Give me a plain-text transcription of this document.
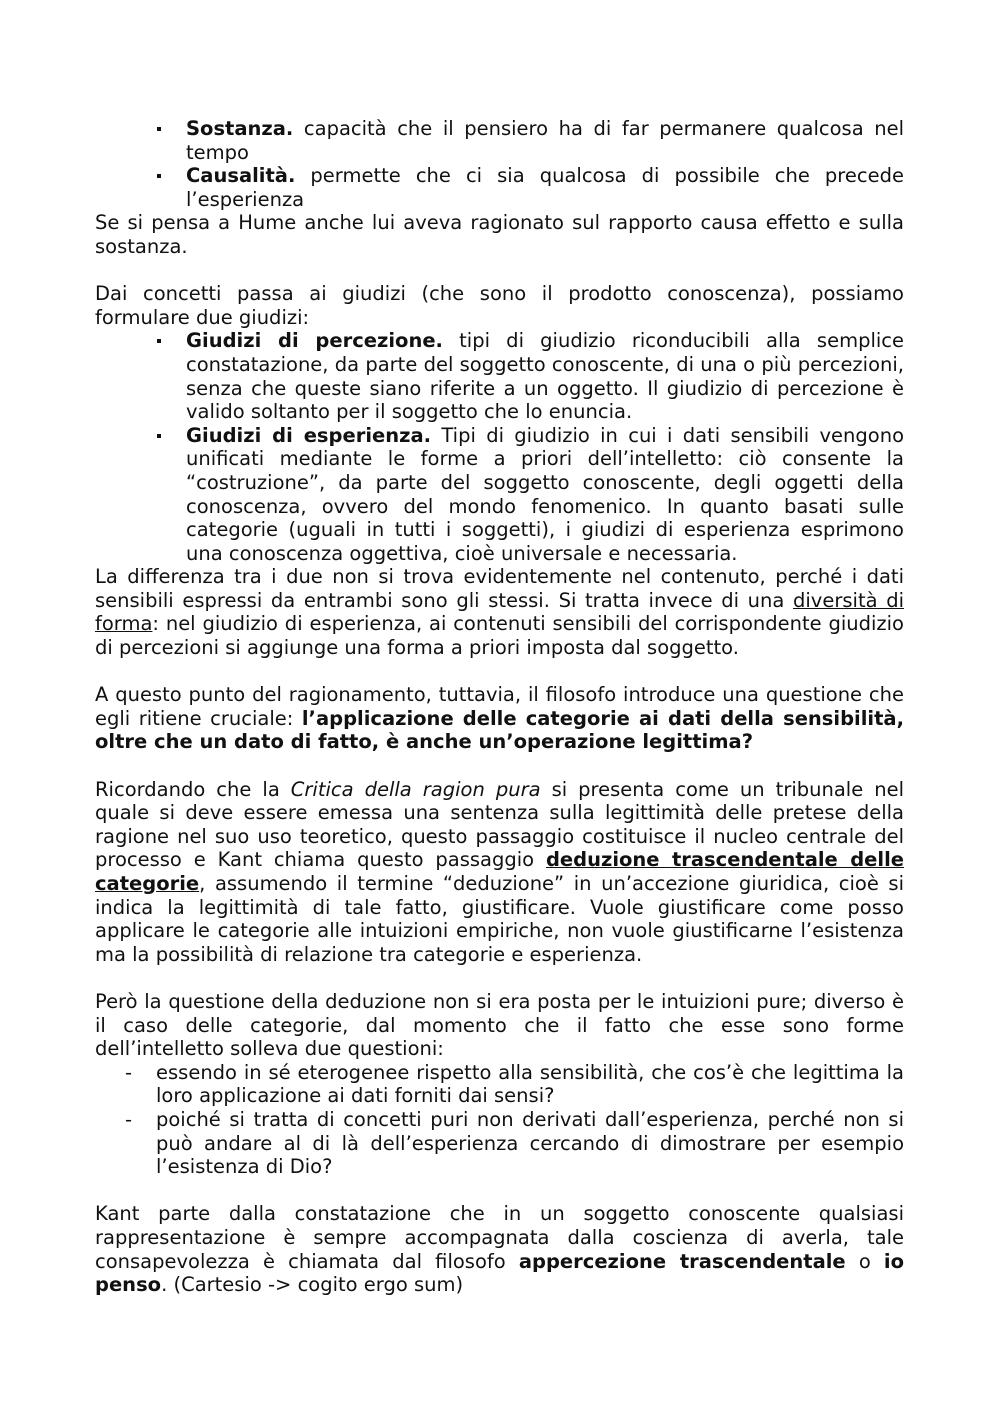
Sostanza. capacità che il pensiero ha di far permanere qualcosa nel tempo
Causalità. permette che ci sia qualcosa di possibile che precede l’esperienza

Se si pensa a Hume anche lui aveva ragionato sul rapporto causa effetto e sulla sostanza.

Dai concetti passa ai giudizi (che sono il prodotto conoscenza), possiamo formulare due giudizi:

Giudizi di percezione. tipi di giudizio riconducibili alla semplice constatazione, da parte del soggetto conoscente, di una o più percezioni, senza che queste siano riferite a un oggetto. Il giudizio di percezione è valido soltanto per il soggetto che lo enuncia.
Giudizi di esperienza. Tipi di giudizio in cui i dati sensibili vengono unificati mediante le forme a priori dell’intelletto: ciò consente la “costruzione”, da parte del soggetto conoscente, degli oggetti della conoscenza, ovvero del mondo fenomenico. In quanto basati sulle categorie (uguali in tutti i soggetti), i giudizi di esperienza esprimono una conoscenza oggettiva, cioè universale e necessaria.

La differenza tra i due non si trova evidentemente nel contenuto, perché i dati sensibili espressi da entrambi sono gli stessi. Si tratta invece di una diversità di forma: nel giudizio di esperienza, ai contenuti sensibili del corrispondente giudizio di percezioni si aggiunge una forma a priori imposta dal soggetto.

A questo punto del ragionamento, tuttavia, il filosofo introduce una questione che egli ritiene cruciale: l’applicazione delle categorie ai dati della sensibilità, oltre che un dato di fatto, è anche un’operazione legittima?

Ricordando che la Critica della ragion pura si presenta come un tribunale nel quale si deve essere emessa una sentenza sulla legittimità delle pretese della ragione nel suo uso teoretico, questo passaggio costituisce il nucleo centrale del processo e Kant chiama questo passaggio deduzione trascendentale delle categorie, assumendo il termine “deduzione” in un’accezione giuridica, cioè si indica la legittimità di tale fatto, giustificare. Vuole giustificare come posso applicare le categorie alle intuizioni empiriche, non vuole giustificarne l’esistenza ma la possibilità di relazione tra categorie e esperienza.

Però la questione della deduzione non si era posta per le intuizioni pure; diverso è il caso delle categorie, dal momento che il fatto che esse sono forme dell’intelletto solleva due questioni:

- essendo in sé eterogenee rispetto alla sensibilità, che cos’è che legittima la loro applicazione ai dati forniti dai sensi?
- poiché si tratta di concetti puri non derivati dall’esperienza, perché non si può andare al di là dell’esperienza cercando di dimostrare per esempio l’esistenza di Dio?

Kant parte dalla constatazione che in un soggetto conoscente qualsiasi rappresentazione è sempre accompagnata dalla coscienza di averla, tale consapevolezza è chiamata dal filosofo appercezione trascendentale o io penso. (Cartesio -> cogito ergo sum)
